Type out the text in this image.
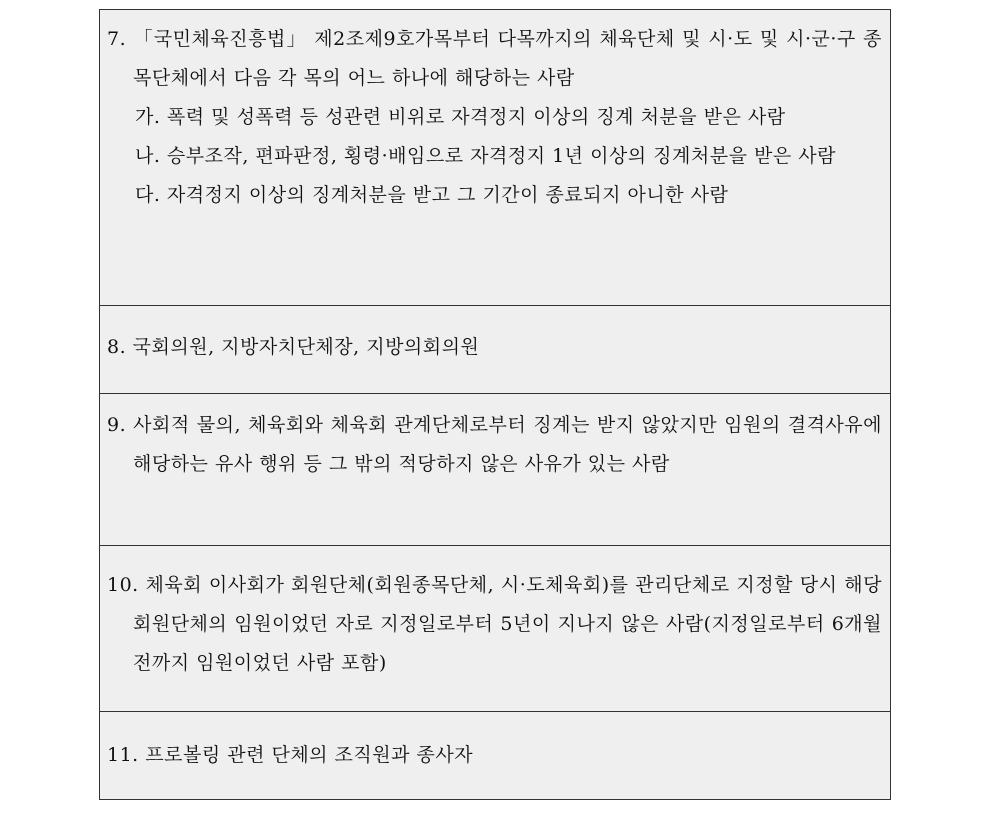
7. 「국민체육진흥법」 제2조제9호가목부터 다목까지의 체육단체 및 시·도 및 시·군·구 종목단체에서 다음 각 목의 어느 하나에 해당하는 사람
가. 폭력 및 성폭력 등 성관련 비위로 자격정지 이상의 징계 처분을 받은 사람
나. 승부조작, 편파판정, 횡령·배임으로 자격정지 1년 이상의 징계처분을 받은 사람
다. 자격정지 이상의 징계처분을 받고 그 기간이 종료되지 아니한 사람
8. 국회의원, 지방자치단체장, 지방의회의원
9. 사회적 물의, 체육회와 체육회 관계단체로부터 징계는 받지 않았지만 임원의 결격사유에 해당하는 유사 행위 등 그 밖의 적당하지 않은 사유가 있는 사람
10. 체육회 이사회가 회원단체(회원종목단체, 시·도체육회)를 관리단체로 지정할 당시 해당 회원단체의 임원이었던 자로 지정일로부터 5년이 지나지 않은 사람(지정일로부터 6개월 전까지 임원이었던 사람 포함)
11. 프로볼링 관련 단체의 조직원과 종사자
